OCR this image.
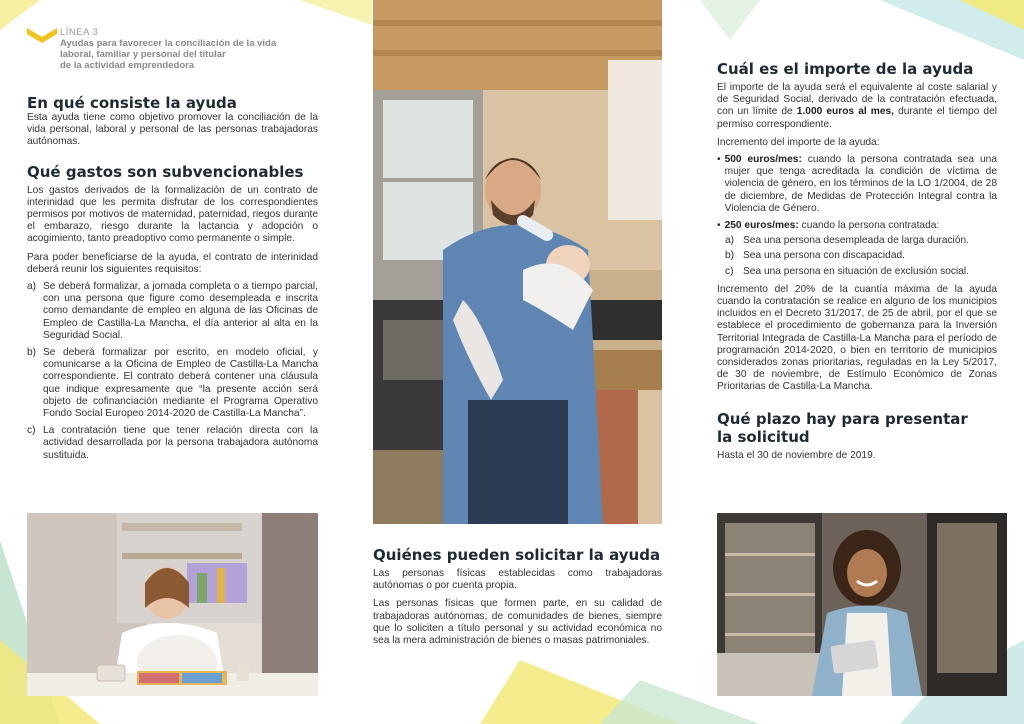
LÍNEA 3
Ayudas para favorecer la conciliación de la vida
laboral, familiar y personal del titular
de la actividad emprendedora
En qué consiste la ayuda

Esta ayuda tiene como objetivo promover la conciliación de la vida personal, laboral y personal de las personas trabajadoras autónomas.

Qué gastos son subvencionables

Los gastos derivados de la formalización de un contrato de interinidad que les permita disfrutar de los correspondientes permisos por motivos de maternidad, paternidad, riegos durante el embarazo, riesgo durante la lactancia y adopción o acogimiento, tanto preadoptivo como permanente o simple.

Para poder beneficiarse de la ayuda, el contrato de interinidad deberá reunir los siguientes requisitos:

a) Se deberá formalizar, a jornada completa o a tiempo parcial, con una persona que figure como desempleada e inscrita como demandante de empleo en alguna de las Oficinas de Empleo de Castilla-La Mancha, el día anterior al alta en la Seguridad Social.
b) Se deberá formalizar por escrito, en modelo oficial, y comunicarse a la Oficina de Empleo de Castilla-La Mancha correspondiente. El contrato deberá contener una cláusula que indique expresamente que “la presente acción será objeto de cofinanciación mediante el Programa Operativo Fondo Social Europeo 2014-2020 de Castilla-La Mancha”.
c) La contratación tiene que tener relación directa con la actividad desarrollada por la persona trabajadora autónoma sustituida.
Quiénes pueden solicitar la ayuda

Las personas físicas establecidas como trabajadoras autónomas o por cuenta propia.

Las personas físicas que formen parte, en su calidad de trabajadoras autónomas, de comunidades de bienes, siempre que lo soliciten a título personal y su actividad económica no sea la mera administración de bienes o masas patrimoniales.

Cuál es el importe de la ayuda

El importe de la ayuda será el equivalente al coste salarial y de Seguridad Social, derivado de la contratación efectuada, con un límite de 1.000 euros al mes, durante el tiempo del permiso correspondiente.

Incremento del importe de la ayuda:

• 500 euros/mes: cuando la persona contratada sea una mujer que tenga acreditada la condición de víctima de violencia de género, en los términos de la LO 1/2004, de 28 de diciembre, de Medidas de Protección Integral contra la Violencia de Género.
• 250 euros/mes: cuando la persona contratada:
a) Sea una persona desempleada de larga duración.
b) Sea una persona con discapacidad.
c) Sea una persona en situación de exclusión social.

Incremento del 20% de la cuantía máxima de la ayuda cuando la contratación se realice en alguno de los municipios incluidos en el Decreto 31/2017, de 25 de abril, por el que se establece el procedimiento de gobernanza para la Inversión Territorial Integrada de Castilla-La Mancha para el período de programación 2014-2020, o bien en territorio de municipios considerados zonas prioritarias, reguladas en la Ley 5/2017, de 30 de noviembre, de Estímulo Económico de Zonas Prioritarias de Castilla-La Mancha.

Qué plazo hay para presentar
la solicitud

Hasta el 30 de noviembre de 2019.
